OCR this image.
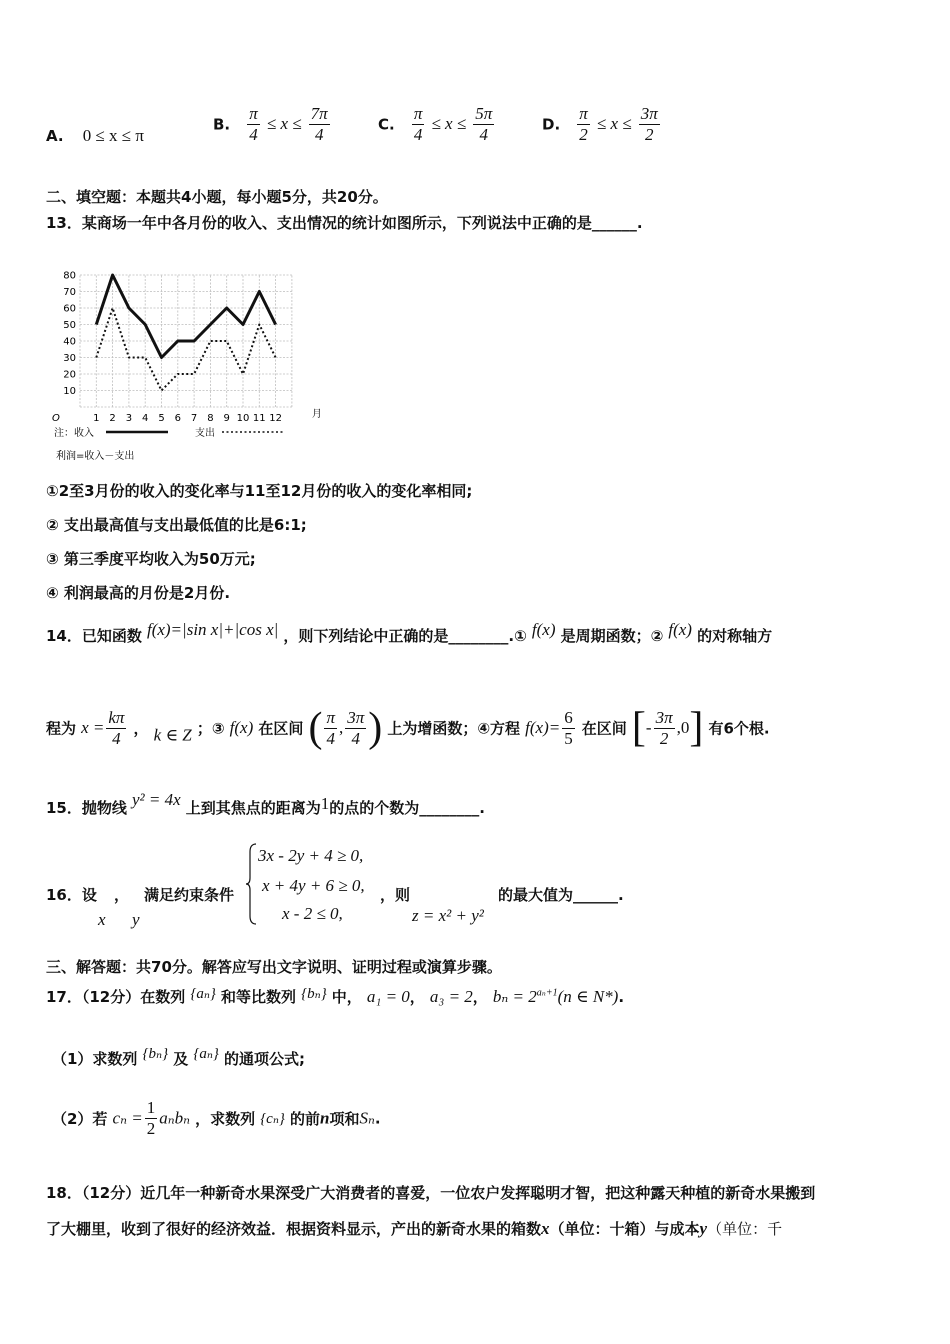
A. 0 ≤ x ≤ π
B. $\frac{\pi}{4} \le x \le \frac{7\pi}{4}$	C. $\frac{\pi}{4} \le x \le \frac{5\pi}{4}$	D. $\frac{\pi}{2} \le x \le \frac{3\pi}{2}$
二、填空题：本题共4小题，每小题5分，共20分。
13．某商场一年中各月份的收入、支出情况的统计如图所示，下列说法中正确的是______.
10
20
30
40
50
60
70
80
1 2 3 4 5 6 7 8 9 10 11 12
O	月
注：收入	支出
利润=收入－支出
①2至3月份的收入的变化率与11至12月份的收入的变化率相同;
② 支出最高值与支出最低值的比是6:1;
③ 第三季度平均收入为50万元;
④ 利润最高的月份是2月份.
14．已知函数 f(x)=|sin x|+|cos x| ，则下列结论中正确的是________.① f(x) 是周期函数；② f(x) 的对称轴方
程为 $x = \frac{k\pi}{4}$ ， k ∈ Z ；③ f(x) 在区间 ( $\frac{\pi}{4}$ , $\frac{3\pi}{4}$ ) 上为增函数；④方程 $f(x)= \frac{6}{5}$ 在区间 [- $\frac{3\pi}{2} ,0$] 有6个根.
15．抛物线 y² = 4x 上到其焦点的距离为1的点的个数为________.
16．设 ，
x y
满足约束条件
3x - 2y + 4 ≥ 0,
x + 4y + 6 ≥ 0,
x - 2 ≤ 0,
，则
z = x² + y²
的最大值为______.
三、解答题：共70分。解答应写出文字说明、证明过程或演算步骤。
17．（12分）在数列 {aₙ} 和等比数列 {bₙ} 中， a₁ = 0， a₃ = 2， $b_n = 2^{a_n+1}(n$ ∈ N*).
（1）求数列 {bₙ} 及 {aₙ} 的通项公式;
（2）若 $c_n = \frac{1}{2}$ aₙbₙ ，求数列 {cₙ} 的前n项和Sₙ.
18．（12分）近几年一种新奇水果深受广大消费者的喜爱，一位农户发挥聪明才智，把这种露天种植的新奇水果搬到
了大棚里，收到了很好的经济效益．根据资料显示，产出的新奇水果的箱数x（单位：十箱）与成本y（单位：千
